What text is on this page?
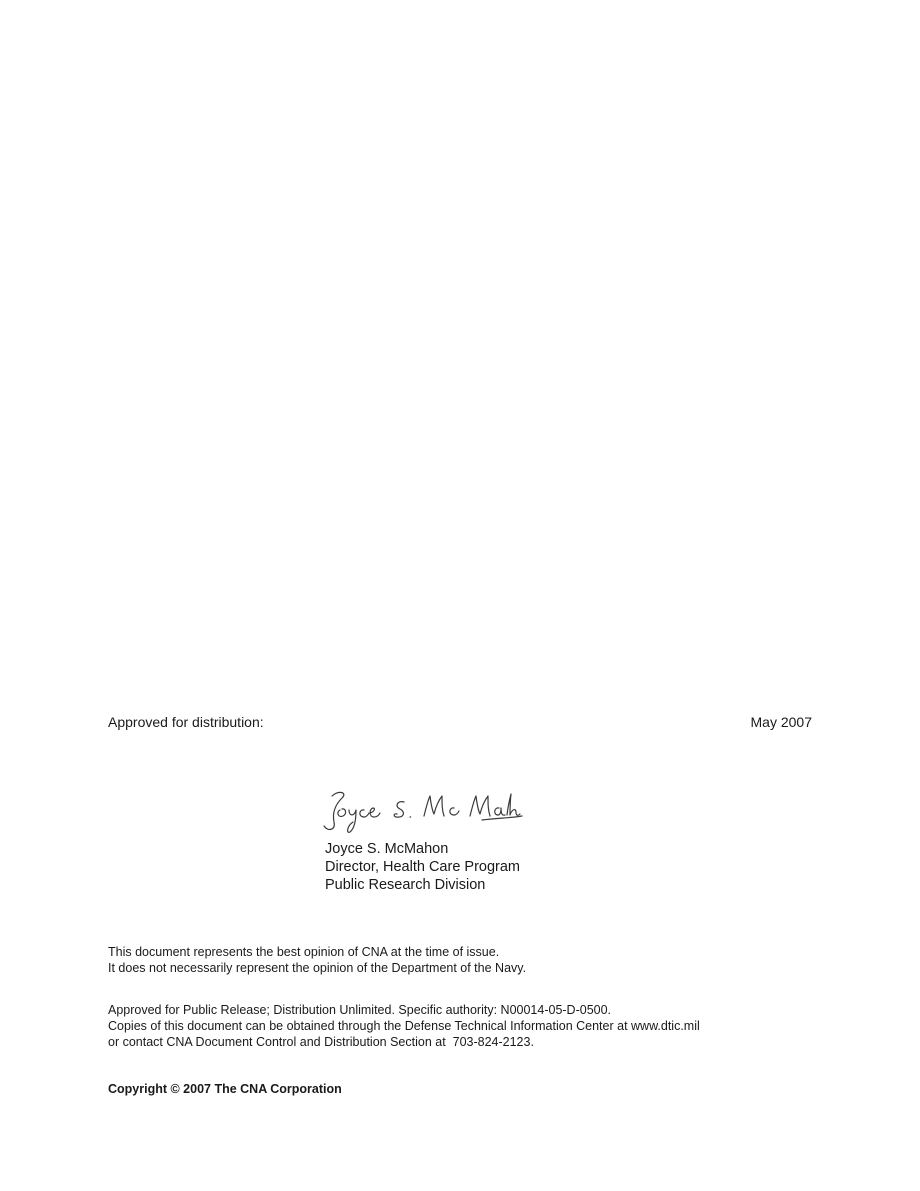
Approved for distribution:	May 2007
Joyce S. McMahon
Director, Health Care Program
Public Research Division
This document represents the best opinion of CNA at the time of issue.
It does not necessarily represent the opinion of the Department of the Navy.
Approved for Public Release; Distribution Unlimited. Specific authority: N00014-05-D-0500.
Copies of this document can be obtained through the Defense Technical Information Center at www.dtic.mil
or contact CNA Document Control and Distribution Section at  703-824-2123.
Copyright © 2007 The CNA Corporation
